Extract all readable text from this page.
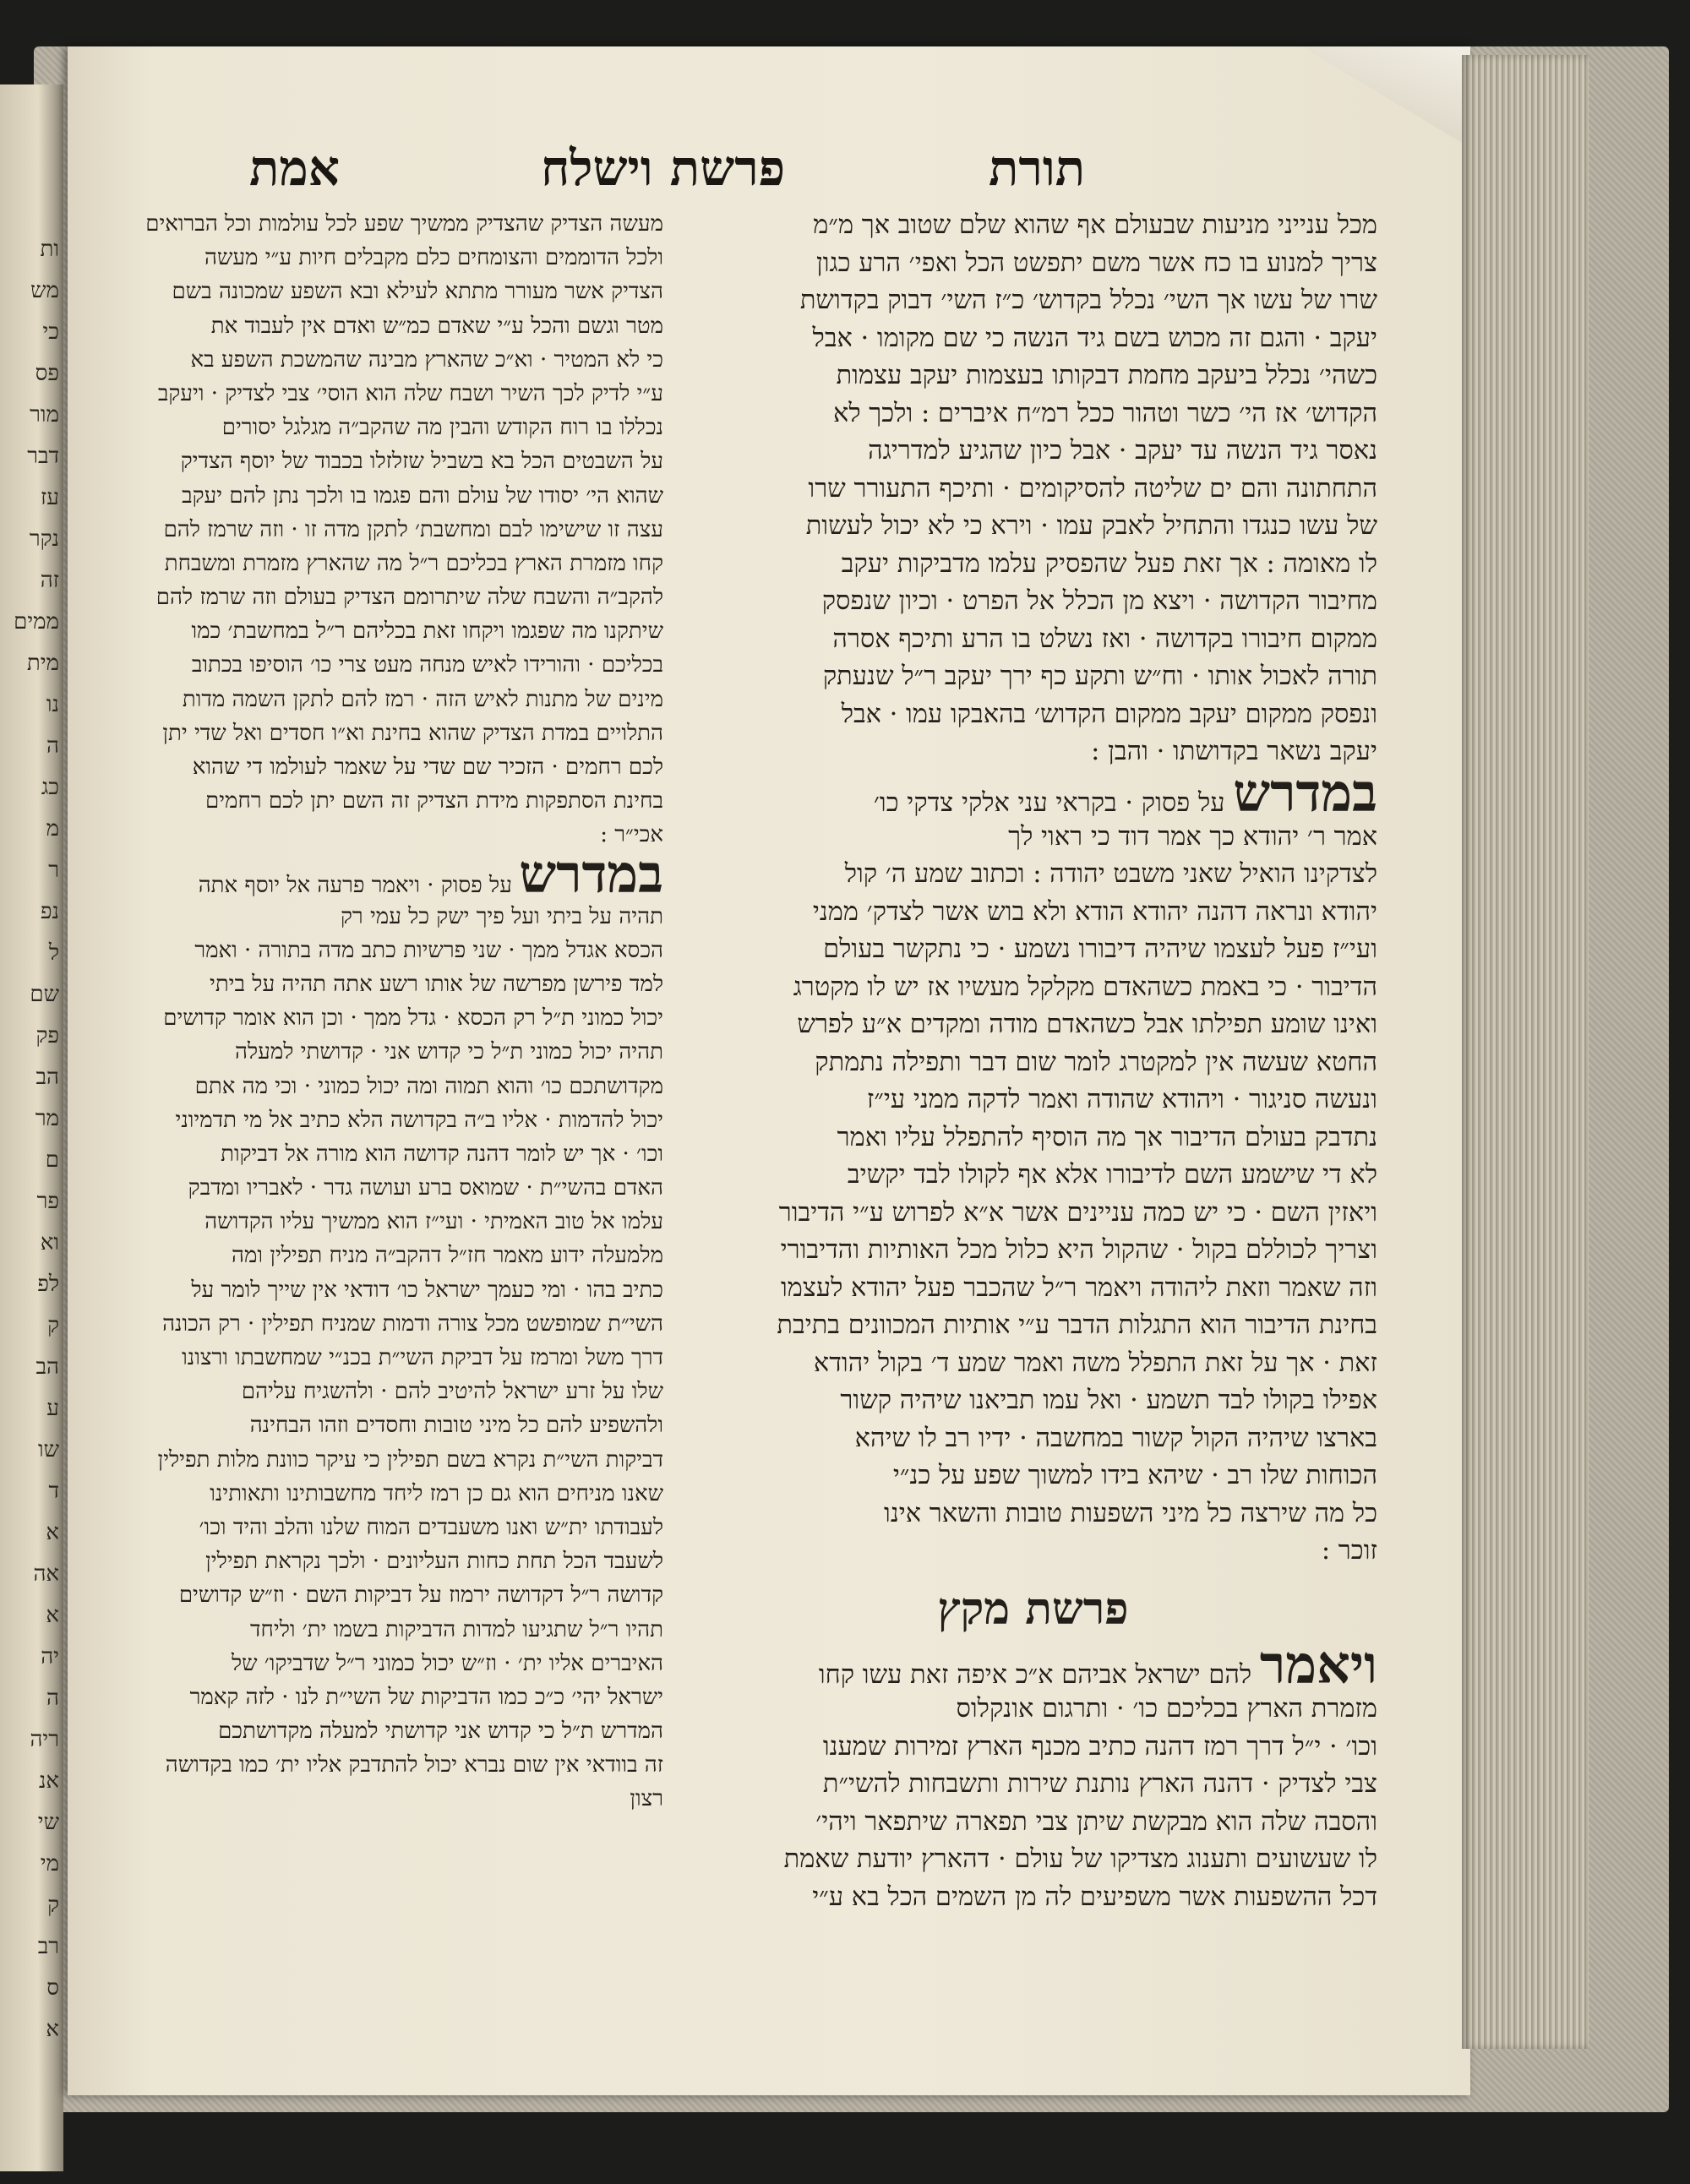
ות
מש
כי
פס
מור
דבר
עז
נקר
זה
ממים
מית
נו
ה
כג
מ
ר
נפ
ל
שם
פק
הב
מר
ם
פר
וא
לפ
ק
הב
ע
שו
ד
א
אה
א
יה
ה
ריה
אנ
שי
מי
ק
רב
ס
א
תורת
פרשת וישלח
אמת
מכל ענייני מניעות שבעולם אף שהוא שלם שטוב אך מ״מ
צריך למנוע בו כח אשר משם יתפשט הכל ואפי׳ הרע כגון
שרו של עשו אך השי׳ נכלל בקדוש׳ כ״ז השי׳ דבוק בקדושת
יעקב · והגם זה מכוש בשם גיד הנשה כי שם מקומו · אבל
כשהי׳ נכלל ביעקב מחמת דבקותו בעצמות יעקב עצמות
הקדוש׳ אז הי׳ כשר וטהור ככל רמ״ח איברים : ולכך לא
נאסר גיד הנשה עד יעקב · אבל כיון שהגיע למדריגה
התחתונה והם ים שליטה להסיקומים · ותיכף התעורר שרו
של עשו כנגדו והתחיל לאבק עמו · וירא כי לא יכול לעשות
לו מאומה : אך זאת פעל שהפסיק עלמו מדביקות יעקב
מחיבור הקדושה · ויצא מן הכלל אל הפרט · וכיון שנפסק
ממקום חיבורו בקדושה · ואז נשלט בו הרע ותיכף אסרה
תורה לאכול אותו · וח״ש ותקע כף ירך יעקב ר״ל שנעתק
ונפסק ממקום יעקב ממקום הקדוש׳ בהאבקו עמו · אבל
יעקב נשאר בקדושתו · והבן :
במדרש על פסוק · בקראי עני אלקי צדקי כו׳
אמר ר׳ יהודא כך אמר דוד כי ראוי לך
לצדקינו הואיל שאני משבט יהודה : וכתוב שמע ה׳ קול
יהודא ונראה דהנה יהודא הודא ולא בוש אשר לצדק׳ ממני
ועי״ז פעל לעצמו שיהיה דיבורו נשמע · כי נתקשר בעולם
הדיבור · כי באמת כשהאדם מקלקל מעשיו אז יש לו מקטרג
ואינו שומע תפילתו אבל כשהאדם מודה ומקדים א״ע לפרש
החטא שעשה אין למקטרג לומר שום דבר ותפילה נתמתק
ונעשה סניגור · ויהודא שהודה ואמר לדקה ממני עי״ז
נתדבק בעולם הדיבור אך מה הוסיף להתפלל עליו ואמר
לא די שישמע השם לדיבורו אלא אף לקולו לבד יקשיב
ויאזין השם · כי יש כמה עניינים אשר א״א לפרוש ע״י הדיבור
וצריך לכוללם בקול · שהקול היא כלול מכל האותיות והדיבורי
וזה שאמר וזאת ליהודה ויאמר ר״ל שהכבר פעל יהודא לעצמו
בחינת הדיבור הוא התגלות הדבר ע״י אותיות המכוונים בתיבת
זאת · אך על זאת התפלל משה ואמר שמע ד׳ בקול יהודא
אפילו בקולו לבד תשמע · ואל עמו תביאנו שיהיה קשור
בארצו שיהיה הקול קשור במחשבה · ידיו רב לו שיהא
הכוחות שלו רב · שיהא בידו למשוך שפע על כנ״י
כל מה שירצה כל מיני השפעות טובות והשאר אינו
זוכר :
פרשת מקץ
ויאמר להם ישראל אביהם א״כ איפה זאת עשו קחו
מזמרת הארץ בכליכם כו׳ · ותרגום אונקלוס
וכו׳ · י״ל דרך רמז דהנה כתיב מכנף הארץ זמירות שמענו
צבי לצדיק · דהנה הארץ נותנת שירות ותשבחות להשי״ת
והסבה שלה הוא מבקשת שיתן צבי תפארה שיתפאר ויהי׳
לו שעשועים ותענוג מצדיקו של עולם · דהארץ יודעת שאמת
דכל ההשפעות אשר משפיעים לה מן השמים הכל בא ע״י
מעשה הצדיק שהצדיק ממשיך שפע לכל עולמות וכל הברואים
ולכל הדוממים והצומחים כלם מקבלים חיות ע״י מעשה
הצדיק אשר מעורר מתתא לעילא ובא השפע שמכונה בשם
מטר וגשם והכל ע״י שאדם כמ״ש ואדם אין לעבוד את
כי לא המטיר · וא״כ שהארץ מבינה שהמשכת השפע בא
ע״י לדיק לכך השיר ושבח שלה הוא הוסי׳ צבי לצדיק · ויעקב
נכללו בו רוח הקודש והבין מה שהקב״ה מגלגל יסורים
על השבטים הכל בא בשביל שזלזלו בכבוד של יוסף הצדיק
שהוא הי׳ יסודו של עולם והם פגמו בו ולכך נתן להם יעקב
עצה זו שישימו לבם ומחשבת׳ לתקן מדה זו · וזה שרמז להם
קחו מזמרת הארץ בכליכם ר״ל מה שהארץ מזמרת ומשבחת
להקב״ה והשבח שלה שיתרומם הצדיק בעולם וזה שרמז להם
שיתקנו מה שפגמו ויקחו זאת בכליהם ר״ל במחשבת׳ כמו
בכליכם · והורידו לאיש מנחה מעט צרי כו׳ הוסיפו בכתוב
מינים של מתנות לאיש הזה · רמז להם לתקן השמה מדות
התלויים במדת הצדיק שהוא בחינת וא״ו חסדים ואל שדי יתן
לכם רחמים · הזכיר שם שדי על שאמר לעולמו די שהוא
בחינת הסתפקות מידת הצדיק זה השם יתן לכם רחמים
אכי״ר :
במדרש על פסוק · ויאמר פרעה אל יוסף אתה
תהיה על ביתי ועל פיך ישק כל עמי רק
הכסא אגדל ממך · שני פרשיות כתב מדה בתורה · ואמר
למד פירשן מפרשה של אותו רשע אתה תהיה על ביתי
יכול כמוני ת״ל רק הכסא · גדל ממך · וכן הוא אומר קדושים
תהיה יכול כמוני ת״ל כי קדוש אני · קדושתי למעלה
מקדושתכם כו׳ והוא תמוה ומה יכול כמוני · וכי מה אתם
יכול להדמות · אליו ב״ה בקדושה הלא כתיב אל מי תדמיוני
וכו׳ · אך יש לומר דהנה קדושה הוא מורה אל דביקות
האדם בהשי״ת · שמואס ברע ועושה גדר · לאבריו ומדבק
עלמו אל טוב האמיתי · ועי״ז הוא ממשיך עליו הקדושה
מלמעלה ידוע מאמר חז״ל דהקב״ה מניח תפילין ומה
כתיב בהו · ומי כעמך ישראל כו׳ דודאי אין שייך לומר על
השי״ת שמופשט מכל צורה ודמות שמניח תפילין · רק הכונה
דרך משל ומרמז על דביקת השי״ת בכנ״י שמחשבתו ורצונו
שלו על זרע ישראל להיטיב להם · ולהשגיח עליהם
ולהשפיע להם כל מיני טובות וחסדים וזהו הבחינה
דביקות השי״ת נקרא בשם תפילין כי עיקר כוונת מלות תפילין
שאנו מניחים הוא גם כן רמז ליחד מחשבותינו ותאותינו
לעבודתו ית״ש ואנו משעבדים המוח שלנו והלב והיד וכו׳
לשעבד הכל תחת כחות העליונים · ולכך נקראת תפילין
קדושה ר״ל דקדושה ירמוז על דביקות השם · וז״ש קדושים
תהיו ר״ל שתגיעו למדות הדביקות בשמו ית׳ וליחד
האיברים אליו ית׳ · וז״ש יכול כמוני ר״ל שדביקו׳ של
ישראל יהי׳ כ״כ כמו הדביקות של השי״ת לנו · לזה קאמר
המדרש ת״ל כי קדוש אני קדושתי למעלה מקדושתכם
זה בוודאי אין שום נברא יכול להתדבק אליו ית׳ כמו בקדושה
רצון
